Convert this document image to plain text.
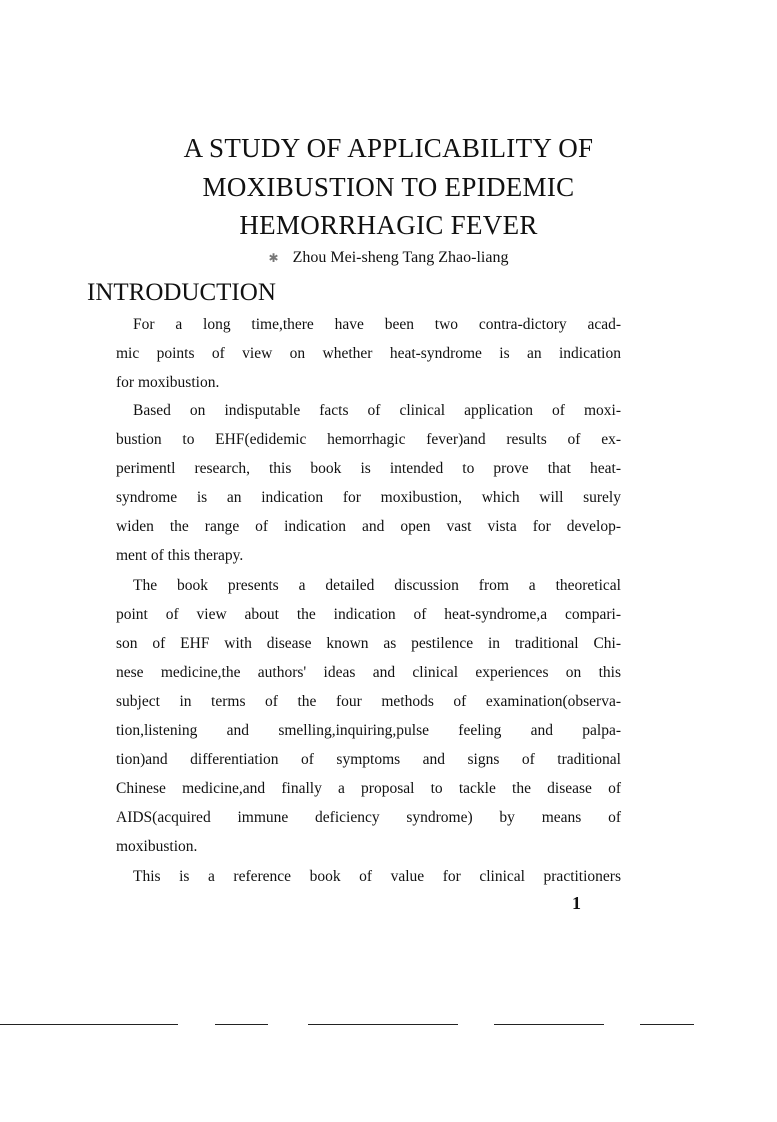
A STUDY OF APPLICABILITY OF
MOXIBUSTION TO EPIDEMIC
HEMORRHAGIC FEVER
✱ Zhou Mei-sheng Tang Zhao-liang
INTRODUCTION
For a long time,there have been two contra-dictory acad-
mic points of view on whether heat-syndrome is an indication
for moxibustion.
Based on indisputable facts of clinical application of moxi-
bustion to EHF(edidemic hemorrhagic fever)and results of ex-
perimentl research, this book is intended to prove that heat-
syndrome is an indication for moxibustion, which will surely
widen the range of indication and open vast vista for develop-
ment of this therapy.
The book presents a detailed discussion from a theoretical
point of view about the indication of heat-syndrome,a compari-
son of EHF with disease known as pestilence in traditional Chi-
nese medicine,the authors' ideas and clinical experiences on this
subject in terms of the four methods of examination(observa-
tion,listening and smelling,inquiring,pulse feeling and palpa-
tion)and differentiation of symptoms and signs of traditional
Chinese medicine,and finally a proposal to tackle the disease of
AIDS(acquired immune deficiency syndrome) by means of
moxibustion.
This is a reference book of value for clinical practitioners
1
